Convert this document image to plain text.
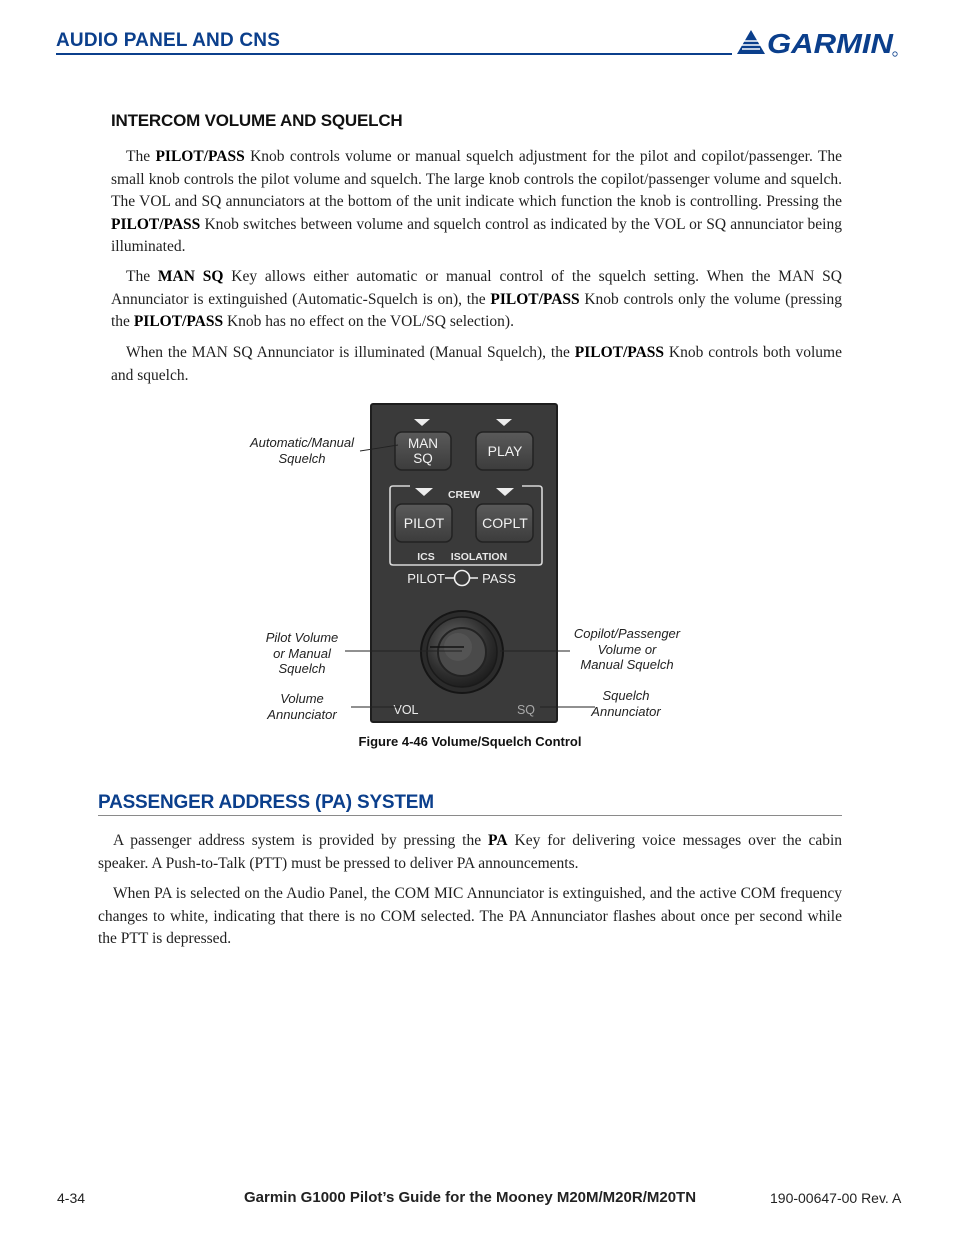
AUDIO PANEL AND CNS	GARMIN
INTERCOM VOLUME AND SQUELCH

The PILOT/PASS Knob controls volume or manual squelch adjustment for the pilot and copilot/passenger. The small knob controls the pilot volume and squelch. The large knob controls the copilot/passenger volume and squelch. The VOL and SQ annunciators at the bottom of the unit indicate which function the knob is controlling. Pressing the PILOT/PASS Knob switches between volume and squelch control as indicated by the VOL or SQ annunciator being illuminated.

The MAN SQ Key allows either automatic or manual control of the squelch setting. When the MAN SQ Annunciator is extinguished (Automatic-Squelch is on), the PILOT/PASS Knob controls only the volume (pressing the PILOT/PASS Knob has no effect on the VOL/SQ selection).

When the MAN SQ Annunciator is illuminated (Manual Squelch), the PILOT/PASS Knob controls both volume and squelch.

MAN
SQ	PLAY
CREW
PILOT	COPLT
ICS ISOLATION
PILOT	PASS
VOL	SQ
Automatic/Manual
Squelch
Pilot Volume
or Manual
Squelch
Volume
Annunciator
Copilot/Passenger
Volume or
Manual Squelch
Squelch
Annunciator
Figure 4-46 Volume/Squelch Control
PASSENGER ADDRESS (PA) SYSTEM

A passenger address system is provided by pressing the PA Key for delivering voice messages over the cabin speaker. A Push-to-Talk (PTT) must be pressed to deliver PA announcements.

When PA is selected on the Audio Panel, the COM MIC Annunciator is extinguished, and the active COM frequency changes to white, indicating that there is no COM selected. The PA Annunciator flashes about once per second while the PTT is depressed.

4-34	Garmin G1000 Pilot’s Guide for the Mooney M20M/M20R/M20TN	190-00647-00 Rev. A
